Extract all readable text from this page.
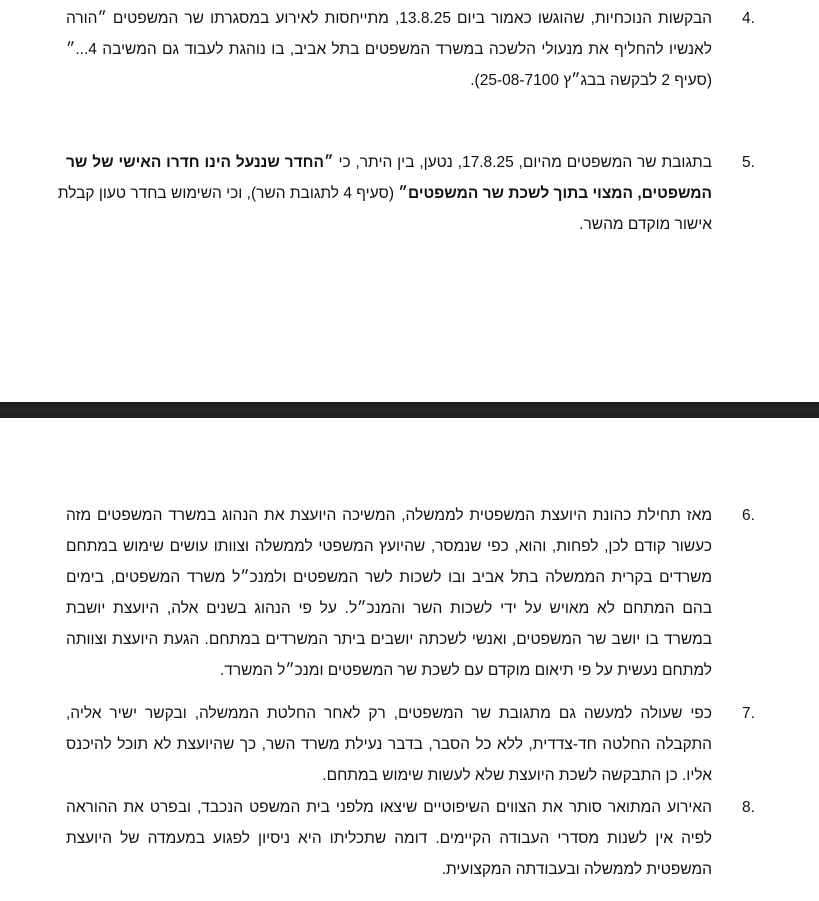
4.
הבקשות הנוכחיות, שהוגשו כאמור ביום 13.8.25, מתייחסות לאירוע במסגרתו שר המשפטים ״הורה
לאנשיו להחליף את מנעולי הלשכה במשרד המשפטים בתל אביב, בו נוהגת לעבוד גם המשיבה 4...״
(סעיף 2 לבקשה בבג״ץ 25-08-7100).
5.
בתגובת שר המשפטים מהיום, 17.8.25, נטען, בין היתר, כי ״החדר שננעל הינו חדרו האישי של שר
המשפטים, המצוי בתוך לשכת שר המשפטים״ (סעיף 4 לתגובת השר), וכי השימוש בחדר טעון קבלת
אישור מוקדם מהשר.
6.
מאז תחילת כהונת היועצת המשפטית לממשלה, המשיכה היועצת את הנהוג במשרד המשפטים מזה
כעשור קודם לכן, לפחות, והוא, כפי שנמסר, שהיועץ המשפטי לממשלה וצוותו עושים שימוש במתחם
משרדים בקרית הממשלה בתל אביב ובו לשכות לשר המשפטים ולמנכ״ל משרד המשפטים, בימים
בהם המתחם לא מאויש על ידי לשכות השר והמנכ״ל. על פי הנהוג בשנים אלה, היועצת יושבת
במשרד בו יושב שר המשפטים, ואנשי לשכתה יושבים ביתר המשרדים במתחם. הגעת היועצת וצוותה
למתחם נעשית על פי תיאום מוקדם עם לשכת שר המשפטים ומנכ״ל המשרד.
7.
כפי שעולה למעשה גם מתגובת שר המשפטים, רק לאחר החלטת הממשלה, ובקשר ישיר אליה,
התקבלה החלטה חד-צדדית, ללא כל הסבר, בדבר נעילת משרד השר, כך שהיועצת לא תוכל להיכנס
אליו. כן התבקשה לשכת היועצת שלא לעשות שימוש במתחם.
8.
האירוע המתואר סותר את הצווים השיפוטיים שיצאו מלפני בית המשפט הנכבד, ובפרט את ההוראה
לפיה אין לשנות מסדרי העבודה הקיימים. דומה שתכליתו היא ניסיון לפגוע במעמדה של היועצת
המשפטית לממשלה ובעבודתה המקצועית.
